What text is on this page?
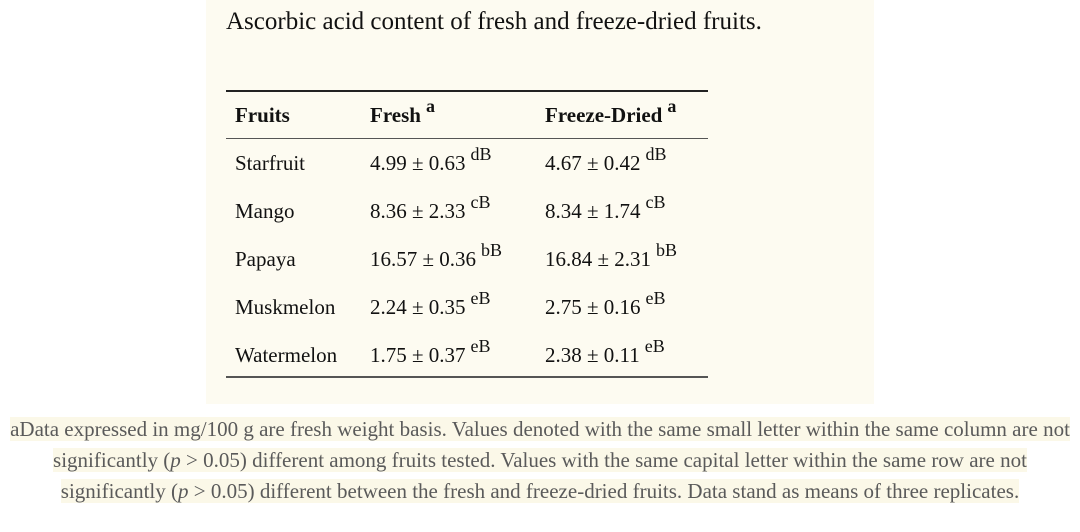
Ascorbic acid content of fresh and freeze-dried fruits.
Fruits	Fresh $^a$	Freeze-Dried $^a$
Starfruit	4.99 ± 0.63 $^{dB}$	4.67 ± 0.42 $^{dB}$
Mango	8.36 ± 2.33 $^{cB}$	8.34 ± 1.74 $^{cB}$
Papaya	16.57 ± 0.36 $^{bB}$	16.84 ± 2.31 $^{bB}$
Muskmelon	2.24 ± 0.35 $^{eB}$	2.75 ± 0.16 $^{eB}$
Watermelon	1.75 ± 0.37 $^{eB}$	2.38 ± 0.11 $^{eB}$

aData expressed in mg/100 g are fresh weight basis. Values denoted with the same small letter within the same column are not significantly (p > 0.05) different among fruits tested. Values with the same capital letter within the same row are not significantly (p > 0.05) different between the fresh and freeze-dried fruits. Data stand as means of three replicates.
